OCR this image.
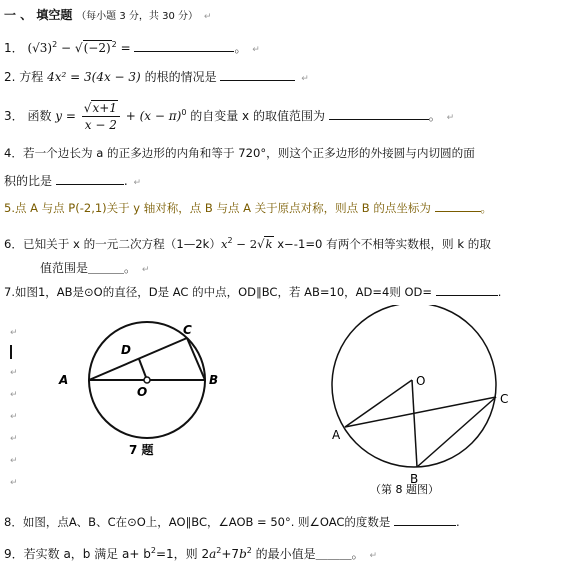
一 、 填空题 （每小题 3 分，共 30 分） ↵
1． $(√3)^2 - √(-2)^2$ =	。 ↵
2. 方程 4x² = 3(4x − 3) 的根的情况是	↵
3． 函数 $y = \frac{√x+1}{x - 2} + (x - \pi)^0$ 的自变量 x 的取值范围为	。 ↵
4．若一个边长为 a 的正多边形的内角和等于 720°，则这个正多边形的外接圆与内切圆的面
积的比是	. ↵
5.点 A 与点 P(-2,1)关于 y 轴对称，点 B 与点 A 关于原点对称，则点 B 的点坐标为	。
6．已知关于 x 的一元二次方程$(1—2k)x^2 - 2√k$ x−-1=0 有两个不相等实数根，则 k 的取
值范围是＿＿＿。 ↵
7.如图1，AB是⊙O的直径，D是 AC 的中点，OD∥BC，若 AB=10，AD=4则 OD=	.
↵
↵
↵
↵
↵
↵
↵
A	B
C
D
O
7 题
O
A
B
C
（第 8 题图）
8．如图，点A、B、C在⊙O上，AO∥BC，∠AOB = 50°. 则∠OAC的度数是	.
9．若实数 a，b 满足 $a+ b^2=1$，则 $2a^2+7b^2$ 的最小值是＿＿＿。 ↵
